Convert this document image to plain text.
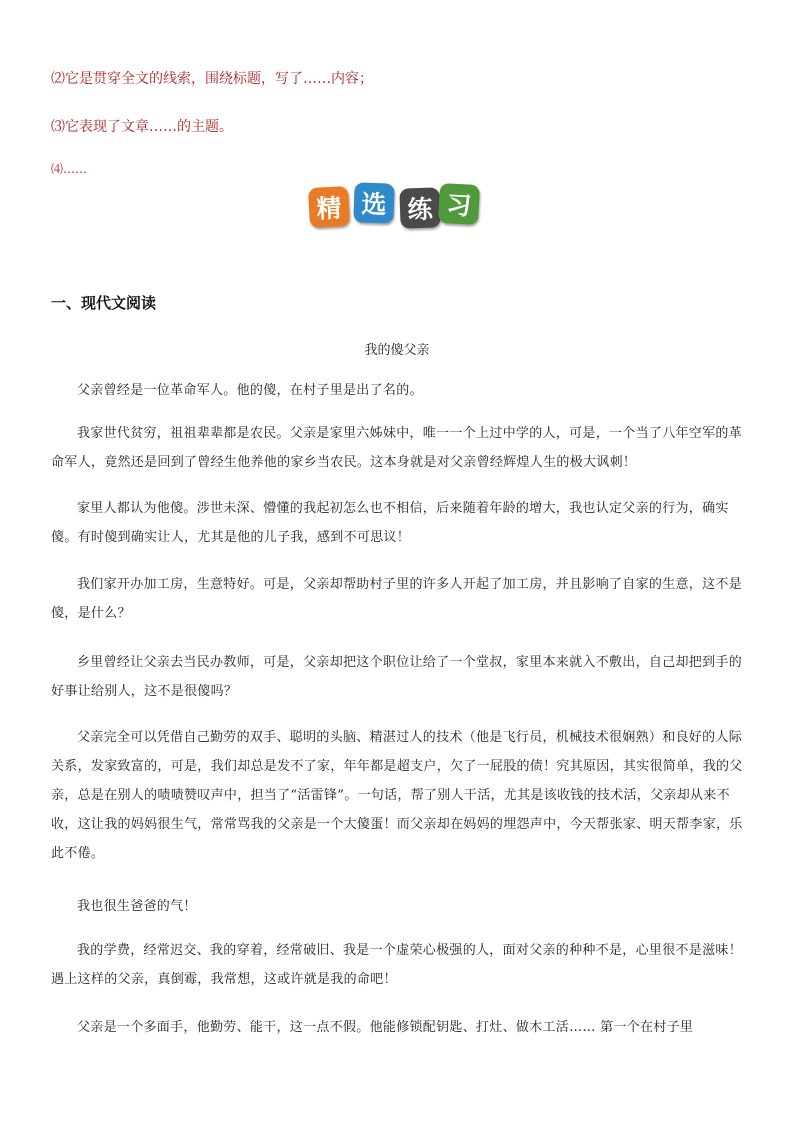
⑵它是贯穿全文的线索，围绕标题，写了……内容；
⑶它表现了文章……的主题。
⑷……
精 选 练 习
一、现代文阅读
我的傻父亲

父亲曾经是一位革命军人。他的傻，在村子里是出了名的。

我家世代贫穷，祖祖辈辈都是农民。父亲是家里六姊妹中，唯一一个上过中学的人，可是，一个当了八年空军的革命军人，竟然还是回到了曾经生他养他的家乡当农民。这本身就是对父亲曾经辉煌人生的极大讽刺！

家里人都认为他傻。涉世未深、懵懂的我起初怎么也不相信，后来随着年龄的增大，我也认定父亲的行为，确实傻。有时傻到确实让人，尤其是他的儿子我，感到不可思议！

我们家开办加工房，生意特好。可是，父亲却帮助村子里的许多人开起了加工房，并且影响了自家的生意，这不是傻，是什么？

乡里曾经让父亲去当民办教师，可是，父亲却把这个职位让给了一个堂叔，家里本来就入不敷出，自己却把到手的好事让给别人，这不是很傻吗？

父亲完全可以凭借自己勤劳的双手、聪明的头脑、精湛过人的技术（他是飞行员，机械技术很娴熟）和良好的人际关系，发家致富的，可是，我们却总是发不了家，年年都是超支户，欠了一屁股的债！究其原因，其实很简单，我的父亲，总是在别人的啧啧赞叹声中，担当了“活雷锋”。一句话，帮了别人干活，尤其是该收钱的技术活，父亲却从来不收，这让我的妈妈很生气，常常骂我的父亲是一个大傻蛋！而父亲却在妈妈的埋怨声中，今天帮张家、明天帮李家，乐此不倦。

我也很生爸爸的气！

我的学费，经常迟交、我的穿着，经常破旧、我是一个虚荣心极强的人，面对父亲的种种不是，心里很不是滋味！遇上这样的父亲，真倒霉，我常想，这或许就是我的命吧！

父亲是一个多面手，他勤劳、能干，这一点不假。他能修锁配钥匙、打灶、做木工活…… 第一个在村子里
